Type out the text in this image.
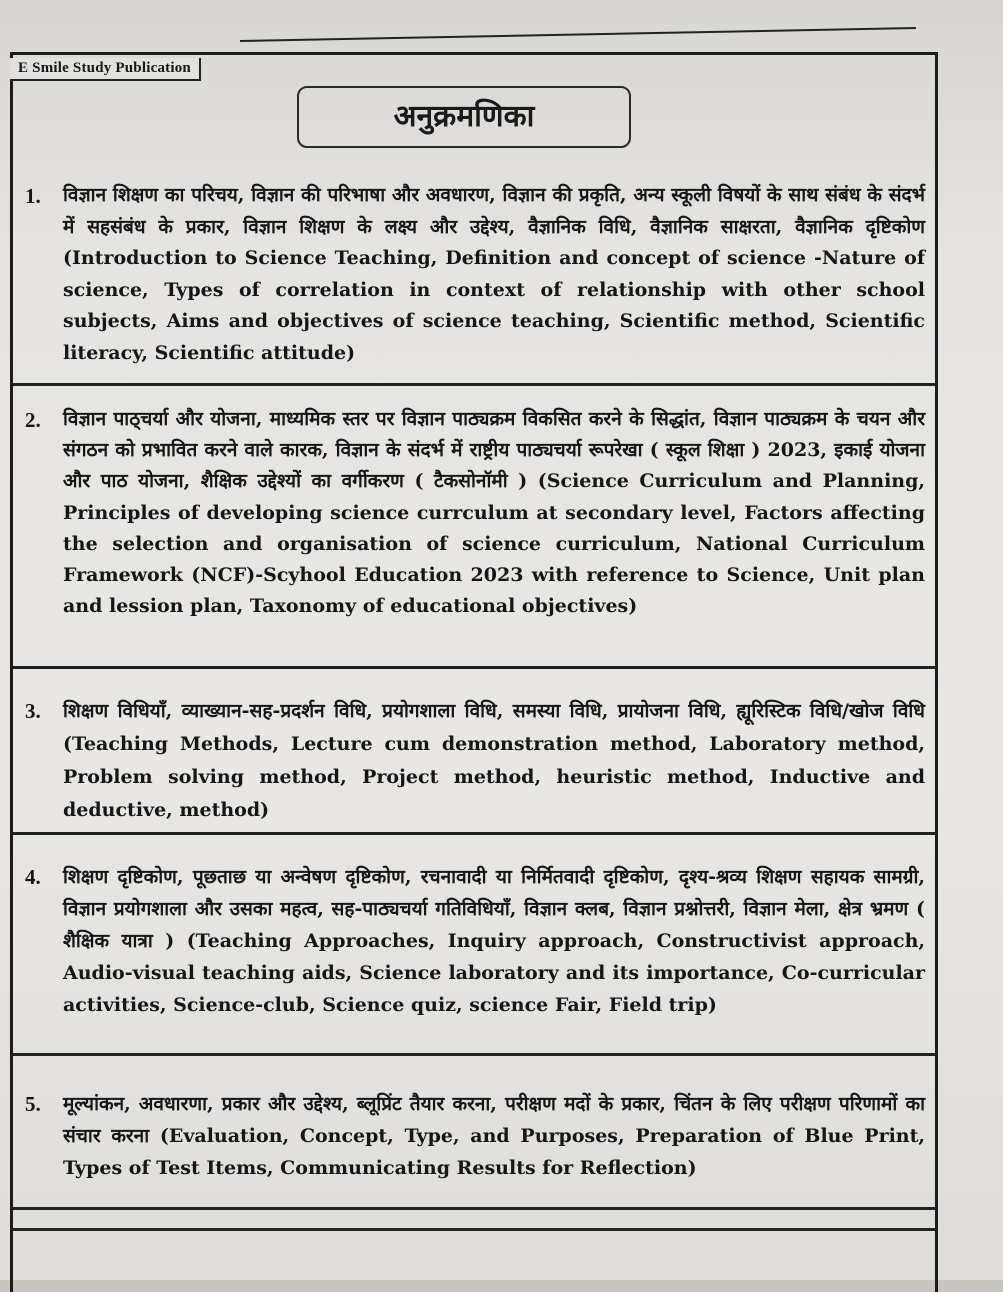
E Smile Study Publication
अनुक्रमणिका
1. विज्ञान शिक्षण का परिचय, विज्ञान की परिभाषा और अवधारण, विज्ञान की प्रकृति, अन्य स्कूली विषयों के साथ संबंध के संदर्भ में सहसंबंध के प्रकार, विज्ञान शिक्षण के लक्ष्य और उद्देश्य, वैज्ञानिक विधि, वैज्ञानिक साक्षरता, वैज्ञानिक दृष्टिकोण (Introduction to Science Teaching, Definition and concept of science -Nature of science, Types of correlation in context of relationship with other school subjects, Aims and objectives of science teaching, Scientific method, Scientific literacy, Scientific attitude)
2. विज्ञान पाठ्चर्या और योजना, माध्यमिक स्तर पर विज्ञान पाठ्यक्रम विकसित करने के सिद्धांत, विज्ञान पाठ्यक्रम के चयन और संगठन को प्रभावित करने वाले कारक, विज्ञान के संदर्भ में राष्ट्रीय पाठ्यचर्या रूपरेखा ( स्कूल शिक्षा ) 2023, इकाई योजना और पाठ योजना, शैक्षिक उद्देश्यों का वर्गीकरण ( टैकसोनॉमी ) (Science Curriculum and Planning, Principles of developing science currculum at secondary level, Factors affecting the selection and organisation of science curriculum, National Curriculum Framework (NCF)-Scyhool Education 2023 with reference to Science, Unit plan and lession plan, Taxonomy of educational objectives)
3. शिक्षण विधियाँ, व्याख्यान-सह-प्रदर्शन विधि, प्रयोगशाला विधि, समस्या विधि, प्रायोजना विधि, ह्यूरिस्टिक विधि/खोज विधि (Teaching Methods, Lecture cum demonstration method, Laboratory method, Problem solving method, Project method, heuristic method, Inductive and deductive, method)
4. शिक्षण दृष्टिकोण, पूछताछ या अन्वेषण दृष्टिकोण, रचनावादी या निर्मितवादी दृष्टिकोण, दृश्य-श्रव्य शिक्षण सहायक सामग्री, विज्ञान प्रयोगशाला और उसका महत्व, सह-पाठ्यचर्या गतिविधियाँ, विज्ञान क्लब, विज्ञान प्रश्नोत्तरी, विज्ञान मेला, क्षेत्र भ्रमण ( शैक्षिक यात्रा ) (Teaching Approaches, Inquiry approach, Constructivist approach, Audio-visual teaching aids, Science laboratory and its importance, Co-curricular activities, Science-club, Science quiz, science Fair, Field trip)
5. मूल्यांकन, अवधारणा, प्रकार और उद्देश्य, ब्लूप्रिंट तैयार करना, परीक्षण मदों के प्रकार, चिंतन के लिए परीक्षण परिणामों का संचार करना (Evaluation, Concept, Type, and Purposes, Preparation of Blue Print, Types of Test Items, Communicating Results for Reflection)
